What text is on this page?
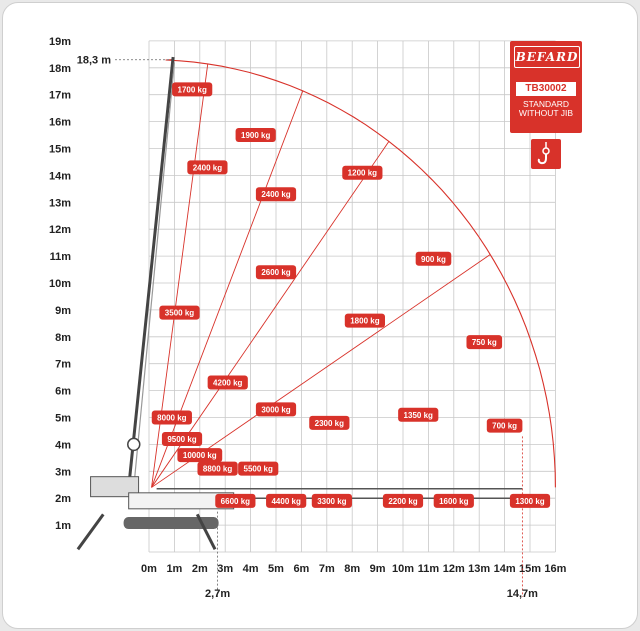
0m 1m 2m 3m 4m 5m 6m 7m 8m 9m 10m 11m 12m 13m 14m 15m 16m
1m
2m
3m
4m
5m
6m
7m
8m
9m
10m
11m
12m
13m
14m
15m
16m
17m
18m
19m
18,3 m
2,7m	14,7m
1700 kg
1900 kg
2400 kg
1200 kg
2400 kg
900 kg
2600 kg
3500 kg
1800 kg
750 kg
4200 kg
3000 kg
8000 kg	1350 kg
2300 kg	700 kg
9500 kg
10000 kg
8800 kg 5500 kg
6600 kg	4400 kg 3300 kg	2200 kg	1600 kg	1300 kg
BEFARD
TB30002
STANDARD WITHOUT JIB
